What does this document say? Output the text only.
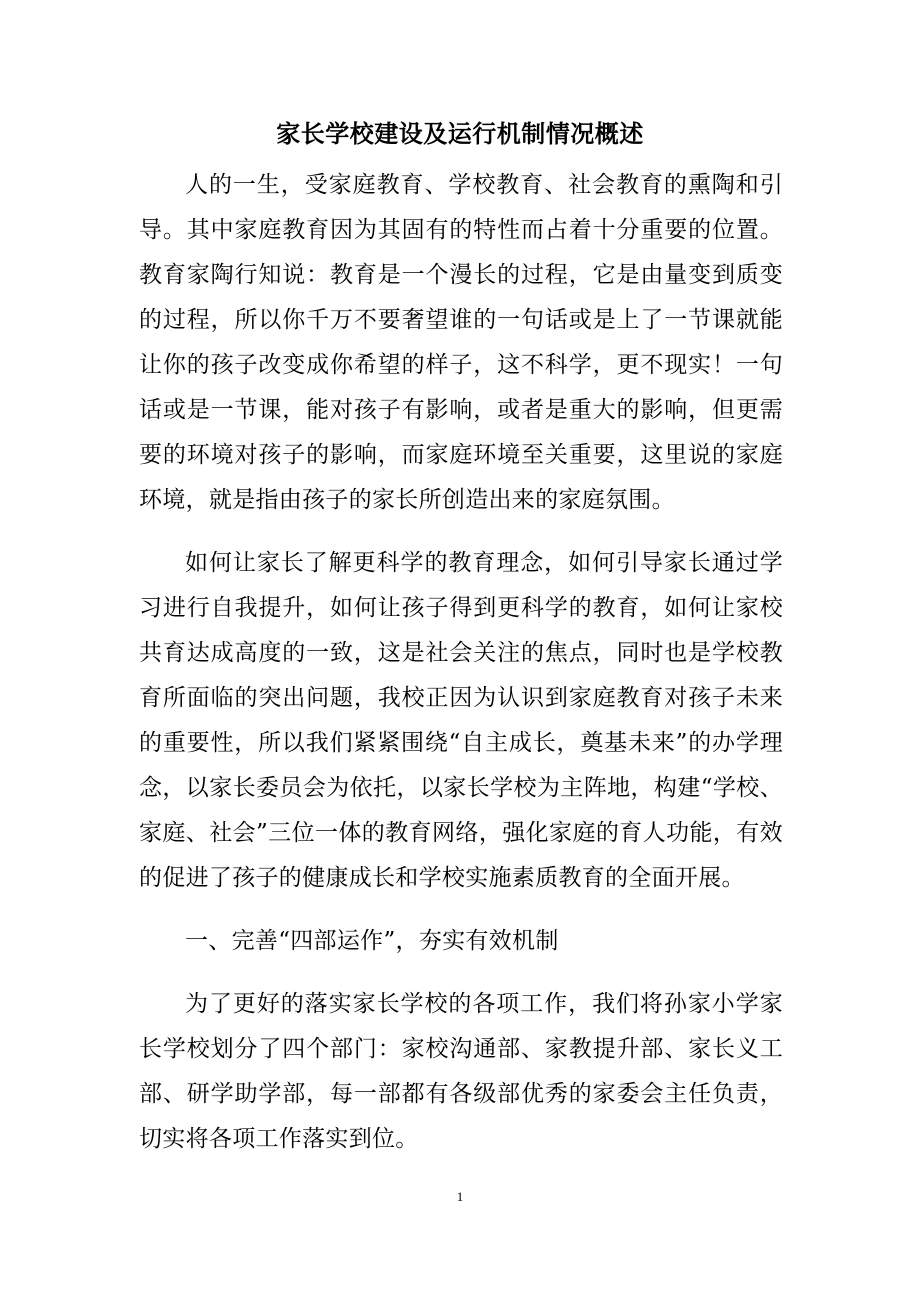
家长学校建设及运行机制情况概述

人的一生，受家庭教育、学校教育、社会教育的熏陶和引导。其中家庭教育因为其固有的特性而占着十分重要的位置。教育家陶行知说：教育是一个漫长的过程，它是由量变到质变的过程，所以你千万不要奢望谁的一句话或是上了一节课就能让你的孩子改变成你希望的样子，这不科学，更不现实！一句话或是一节课，能对孩子有影响，或者是重大的影响，但更需要的环境对孩子的影响，而家庭环境至关重要，这里说的家庭环境，就是指由孩子的家长所创造出来的家庭氛围。

如何让家长了解更科学的教育理念，如何引导家长通过学习进行自我提升，如何让孩子得到更科学的教育，如何让家校共育达成高度的一致，这是社会关注的焦点，同时也是学校教育所面临的突出问题，我校正因为认识到家庭教育对孩子未来的重要性，所以我们紧紧围绕“自主成长，奠基未来”的办学理念，以家长委员会为依托，以家长学校为主阵地，构建“学校、家庭、社会”三位一体的教育网络，强化家庭的育人功能，有效的促进了孩子的健康成长和学校实施素质教育的全面开展。

一、完善“四部运作”，夯实有效机制

为了更好的落实家长学校的各项工作，我们将孙家小学家长学校划分了四个部门：家校沟通部、家教提升部、家长义工部、研学助学部，每一部都有各级部优秀的家委会主任负责，切实将各项工作落实到位。

1
